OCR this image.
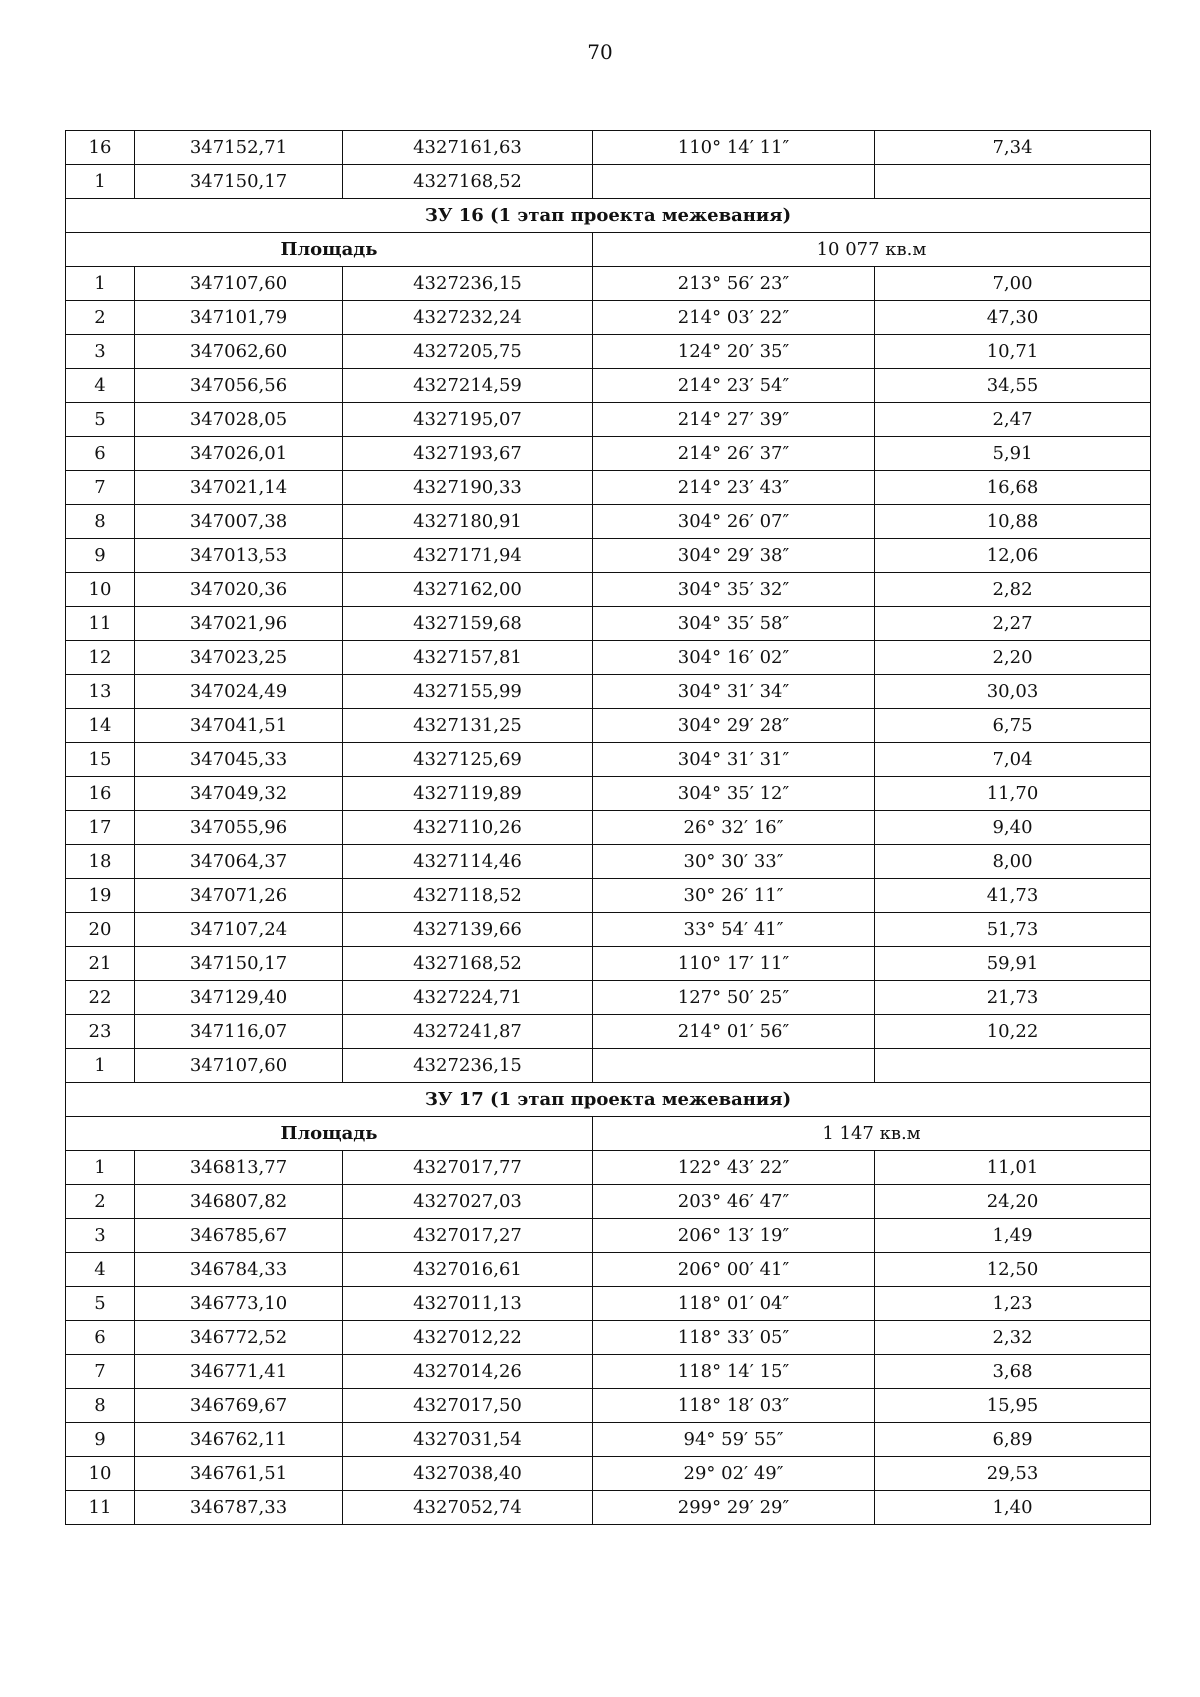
70
16	347152,71	4327161,63	110° 14′ 11″	7,34
1	347150,17	4327168,52		
ЗУ 16 (1 этап проекта межевания)				
Площадь			10 077 кв.м	
1	347107,60	4327236,15	213° 56′ 23″	7,00
2	347101,79	4327232,24	214° 03′ 22″	47,30
3	347062,60	4327205,75	124° 20′ 35″	10,71
4	347056,56	4327214,59	214° 23′ 54″	34,55
5	347028,05	4327195,07	214° 27′ 39″	2,47
6	347026,01	4327193,67	214° 26′ 37″	5,91
7	347021,14	4327190,33	214° 23′ 43″	16,68
8	347007,38	4327180,91	304° 26′ 07″	10,88
9	347013,53	4327171,94	304° 29′ 38″	12,06
10	347020,36	4327162,00	304° 35′ 32″	2,82
11	347021,96	4327159,68	304° 35′ 58″	2,27
12	347023,25	4327157,81	304° 16′ 02″	2,20
13	347024,49	4327155,99	304° 31′ 34″	30,03
14	347041,51	4327131,25	304° 29′ 28″	6,75
15	347045,33	4327125,69	304° 31′ 31″	7,04
16	347049,32	4327119,89	304° 35′ 12″	11,70
17	347055,96	4327110,26	26° 32′ 16″	9,40
18	347064,37	4327114,46	30° 30′ 33″	8,00
19	347071,26	4327118,52	30° 26′ 11″	41,73
20	347107,24	4327139,66	33° 54′ 41″	51,73
21	347150,17	4327168,52	110° 17′ 11″	59,91
22	347129,40	4327224,71	127° 50′ 25″	21,73
23	347116,07	4327241,87	214° 01′ 56″	10,22
1	347107,60	4327236,15		
ЗУ 17 (1 этап проекта межевания)				
Площадь			1 147 кв.м	
1	346813,77	4327017,77	122° 43′ 22″	11,01
2	346807,82	4327027,03	203° 46′ 47″	24,20
3	346785,67	4327017,27	206° 13′ 19″	1,49
4	346784,33	4327016,61	206° 00′ 41″	12,50
5	346773,10	4327011,13	118° 01′ 04″	1,23
6	346772,52	4327012,22	118° 33′ 05″	2,32
7	346771,41	4327014,26	118° 14′ 15″	3,68
8	346769,67	4327017,50	118° 18′ 03″	15,95
9	346762,11	4327031,54	94° 59′ 55″	6,89
10	346761,51	4327038,40	29° 02′ 49″	29,53
11	346787,33	4327052,74	299° 29′ 29″	1,40
